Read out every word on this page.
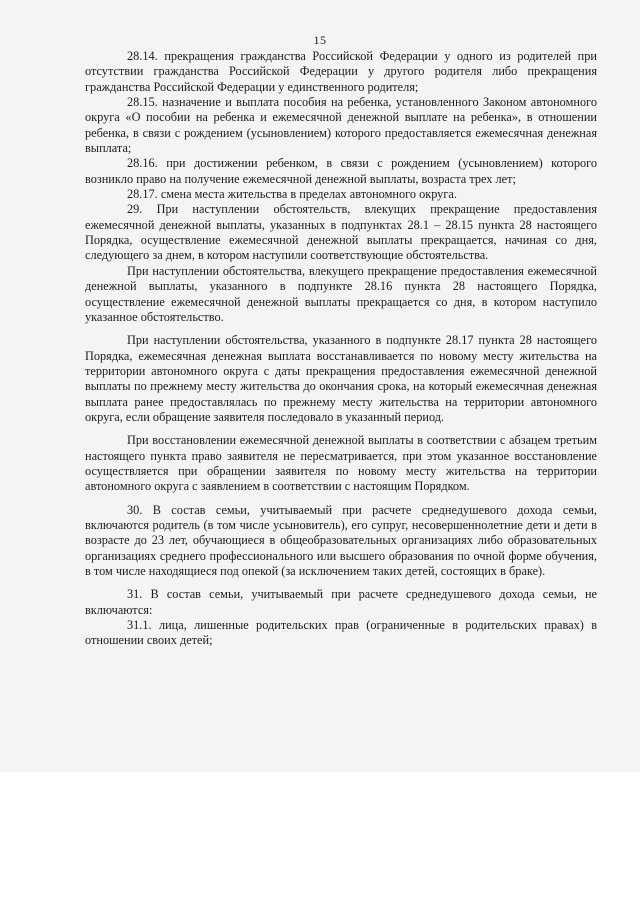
15

28.14. прекращения гражданства Российской Федерации у одного из родителей при отсутствии гражданства Российской Федерации у другого родителя либо прекращения гражданства Российской Федерации у единственного родителя;

28.15. назначение и выплата пособия на ребенка, установленного Законом автономного округа «О пособии на ребенка и ежемесячной денежной выплате на ребенка», в отношении ребенка, в связи с рождением (усыновлением) которого предоставляется ежемесячная денежная выплата;

28.16. при достижении ребенком, в связи с рождением (усыновлением) которого возникло право на получение ежемесячной денежной выплаты, возраста трех лет;

28.17. смена места жительства в пределах автономного округа.

29. При наступлении обстоятельств, влекущих прекращение предоставления ежемесячной денежной выплаты, указанных в подпунктах 28.1 – 28.15 пункта 28 настоящего Порядка, осуществление ежемесячной денежной выплаты прекращается, начиная со дня, следующего за днем, в котором наступили соответствующие обстоятельства.

При наступлении обстоятельства, влекущего прекращение предоставления ежемесячной денежной выплаты, указанного в подпункте 28.16 пункта 28 настоящего Порядка, осуществление ежемесячной денежной выплаты прекращается со дня, в котором наступило указанное обстоятельство.

При наступлении обстоятельства, указанного в подпункте 28.17 пункта 28 настоящего Порядка, ежемесячная денежная выплата восстанавливается по новому месту жительства на территории автономного округа с даты прекращения предоставления ежемесячной денежной выплаты по прежнему месту жительства до окончания срока, на который ежемесячная денежная выплата ранее предоставлялась по прежнему месту жительства на территории автономного округа, если обращение заявителя последовало в указанный период.

При восстановлении ежемесячной денежной выплаты в соответствии с абзацем третьим настоящего пункта право заявителя не пересматривается, при этом указанное восстановление осуществляется при обращении заявителя по новому месту жительства на территории автономного округа с заявлением в соответствии с настоящим Порядком.

30. В состав семьи, учитываемый при расчете среднедушевого дохода семьи, включаются родитель (в том числе усыновитель), его супруг, несовершеннолетние дети и дети в возрасте до 23 лет, обучающиеся в общеобразовательных организациях либо образовательных организациях среднего профессионального или высшего образования по очной форме обучения, в том числе находящиеся под опекой (за исключением таких детей, состоящих в браке).

31. В состав семьи, учитываемый при расчете среднедушевого дохода семьи, не включаются:

31.1. лица, лишенные родительских прав (ограниченные в родительских правах) в отношении своих детей;
